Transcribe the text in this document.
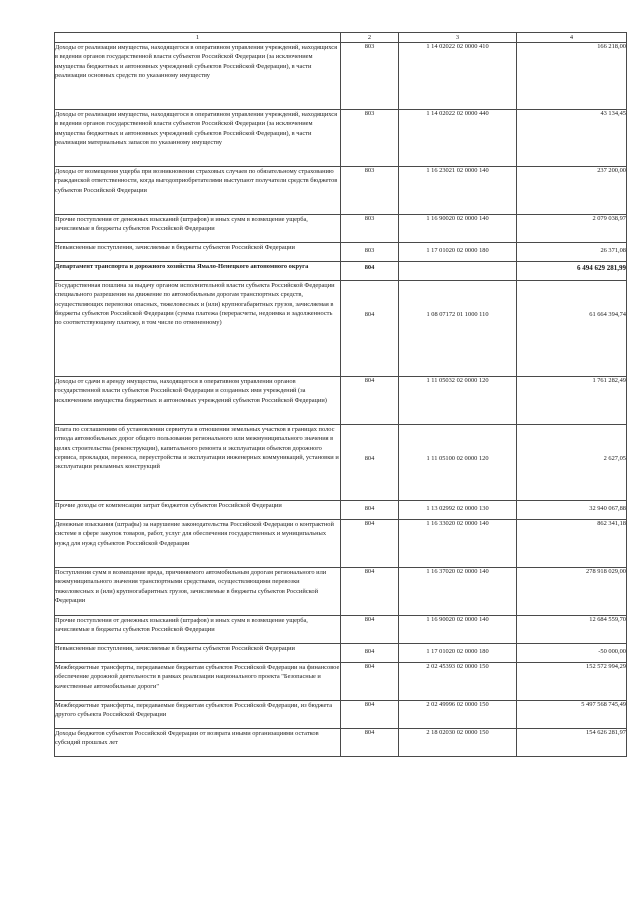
1	2	3	4
Доходы от реализации имущества, находящегося в оперативном управлении учреждений, находящихся в ведении органов государственной власти субъектов Российской Федерации (за исключением имущества бюджетных и автономных учреждений субъектов Российской Федерации), в части реализации основных средств по указанному имуществу	803	1 14 02022 02 0000 410	166 218,00
Доходы от реализации имущества, находящегося в оперативном управлении учреждений, находящихся в ведении органов государственной власти субъектов Российской Федерации (за исключением имущества бюджетных и автономных учреждений субъектов Российской Федерации), в части реализации материальных запасов по указанному имуществу	803	1 14 02022 02 0000 440	43 134,45
Доходы от возмещения ущерба при возникновении страховых случаев по обязательному страхованию гражданской ответственности, когда выгодоприобретателями выступают получатели средств бюджетов субъектов Российской Федерации	803	1 16 23021 02 0000 140	237 200,00
Прочие поступления от денежных взысканий (штрафов) и иных сумм в возмещение ущерба, зачисляемые в бюджеты субъектов Российской Федерации	803	1 16 90020 02 0000 140	2 079 038,97
Невыясненные поступления, зачисляемые в бюджеты субъектов Российской Федерации	803	1 17 01020 02 0000 180	26 371,08
Департамент транспорта и дорожного хозяйства Ямало-Ненецкого автономного округа	804		6 494 629 281,99
Государственная пошлина за выдачу органом исполнительной власти субъекта Российской Федерации специального разрешения на движение по автомобильным дорогам транспортных средств, осуществляющих перевозки опасных, тяжеловесных и (или) крупногабаритных грузов, зачисляемая в бюджеты субъектов Российской Федерации (сумма платежа (перерасчеты, недоимка и задолженность по соответствующему платежу, в том числе по отмененному)	804	1 08 07172 01 1000 110	61 664 394,74
Доходы от сдачи в аренду имущества, находящегося в оперативном управлении органов государственной власти субъектов Российской Федерации и созданных ими учреждений (за исключением имущества бюджетных и автономных учреждений субъектов Российской Федерации)	804	1 11 05032 02 0000 120	1 761 282,49
Плата по соглашениям об установлении сервитута в отношении земельных участков в границах полос отвода автомобильных дорог общего пользования регионального или межмуниципального значения в целях строительства (реконструкции), капитального ремонта и эксплуатации объектов дорожного сервиса, прокладки, переноса, переустройства и эксплуатации инженерных коммуникаций, установки и эксплуатации рекламных конструкций	804	1 11 05100 02 0000 120	2 627,05
Прочие доходы от компенсации затрат бюджетов субъектов Российской Федерации	804	1 13 02992 02 0000 130	32 940 067,88
Денежные взыскания (штрафы) за нарушение законодательства Российской Федерации о контрактной системе в сфере закупок товаров, работ, услуг для обеспечения государственных и муниципальных нужд для нужд субъектов Российской Федерации	804	1 16 33020 02 0000 140	862 341,18
Поступления сумм в возмещение вреда, причиняемого автомобильным дорогам регионального или межмуниципального значения транспортными средствами, осуществляющими перевозки тяжеловесных и (или) крупногабаритных грузов, зачисляемые в бюджеты субъектов Российской Федерации	804	1 16 37020 02 0000 140	278 918 029,00
Прочие поступления от денежных взысканий (штрафов) и иных сумм в возмещение ущерба, зачисляемые в бюджеты субъектов Российской Федерации	804	1 16 90020 02 0000 140	12 684 559,70
Невыясненные поступления, зачисляемые в бюджеты субъектов Российской Федерации	804	1 17 01020 02 0000 180	-50 000,00
Межбюджетные трансферты, передаваемые бюджетам субъектов Российской Федерации на финансовое обеспечение дорожной деятельности в рамках реализации национального проекта "Безопасные и качественные автомобильные дороги"	804	2 02 45393 02 0000 150	152 572 994,29
Межбюджетные трансферты, передаваемые бюджетам субъектов Российской Федерации, из бюджета другого субъекта Российской Федерации	804	2 02 49996 02 0000 150	5 497 568 745,49
Доходы бюджетов субъектов Российской Федерации от возврата иными организациями остатков субсидий прошлых лет	804	2 18 02030 02 0000 150	154 626 281,97
